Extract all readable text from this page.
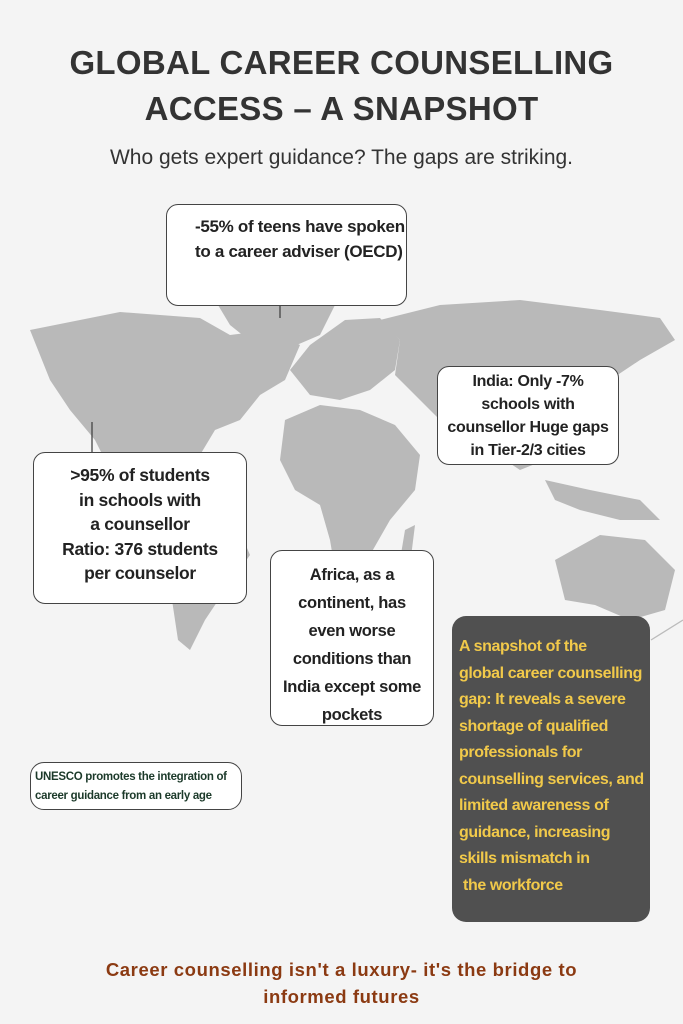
GLOBAL CAREER COUNSELLING
ACCESS – A SNAPSHOT
Who gets expert guidance? The gaps are striking.
-55% of teens have spoken to a career adviser (OECD)
>95% of students
in schools with
a counsellor
Ratio: 376 students
per counselor
India: Only -7%
schools with
counsellor Huge gaps
in Tier-2/3 cities
Africa, as a
continent, has
even worse
conditions than
India except some
pockets
UNESCO promotes the integration of
career guidance from an early age
A snapshot of the
global career counselling
gap: It reveals a severe
shortage of qualified
professionals for
counselling services, and
limited awareness of
guidance, increasing
skills mismatch in
the workforce
Career counselling isn't a luxury- it's the bridge to
informed futures
